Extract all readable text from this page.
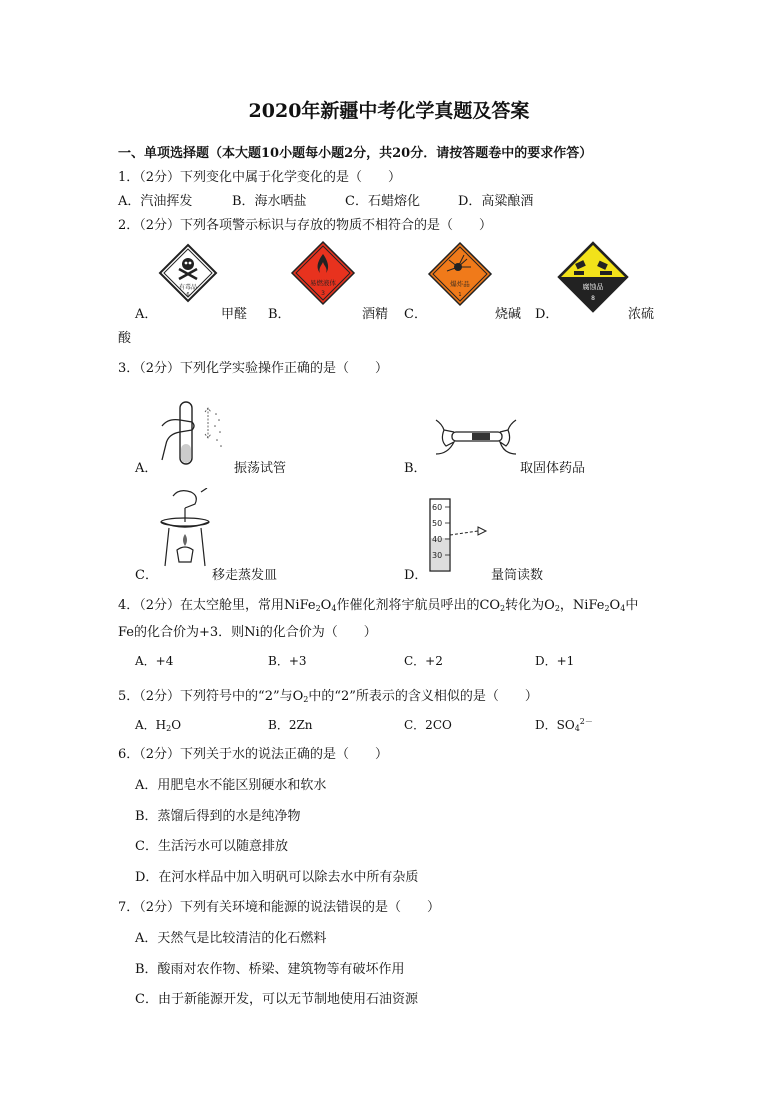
2020年新疆中考化学真题及答案
一、单项选择题（本大题10小题每小题2分，共20分．请按答题卷中的要求作答）
1．（2分）下列变化中属于化学变化的是（　　）
A．汽油挥发	B．海水晒盐	C．石蜡熔化	D．高粱酿酒
2．（2分）下列各项警示标识与存放的物质不相符合的是（　　）
有毒品
6
易燃液体
3
爆炸品
1
腐蚀品
8
A．	甲醛 B．	酒精 C．	烧碱 D．	浓硫
酸
3．（2分）下列化学实验操作正确的是（　　）
60
50
40
30
A．	振荡试管	B．	取固体药品
C．	移走蒸发皿	D．	量筒读数
4．（2分）在太空舱里，常用$NiFe_2O_4$作催化剂将宇航员呼出的$CO_2$转化为$O_2$，$NiFe_2O_4$中
Fe的化合价为+3．则Ni的化合价为（　　）
A．+4	B．+3	C．+2	D．+1
5．（2分）下列符号中的“2”与$O_2$中的“2”所表示的含义相似的是（　　）
A．$H_2O$	B．2Zn	C．2CO	D．$SO_4^{2-}$
6．（2分）下列关于水的说法正确的是（　　）
A．用肥皂水不能区别硬水和软水
B．蒸馏后得到的水是纯净物
C．生活污水可以随意排放
D．在河水样品中加入明矾可以除去水中所有杂质
7．（2分）下列有关环境和能源的说法错误的是（　　）
A．天然气是比较清洁的化石燃料
B．酸雨对农作物、桥梁、建筑物等有破坏作用
C．由于新能源开发，可以无节制地使用石油资源
